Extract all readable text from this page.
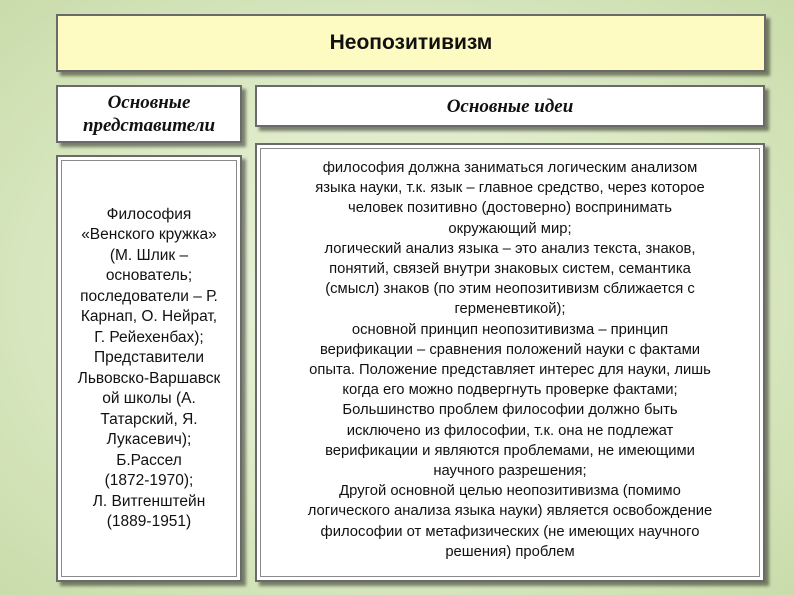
Неопозитивизм
Основные
представители
Основные идеи
Философия
«Венского кружка»
(М. Шлик –
основатель;
последователи – Р.
Карнап, О. Нейрат,
Г. Рейехенбах);
Представители
Львовско-Варшавск
ой школы (А.
Татарский, Я.
Лукасевич);
Б.Рассел
(1872-1970);
Л. Витгенштейн
(1889-1951)
философия должна заниматься логическим анализом
языка науки, т.к. язык – главное средство, через которое
человек позитивно (достоверно) воспринимать
окружающий мир;
логический анализ языка – это анализ текста, знаков,
понятий, связей внутри знаковых систем, семантика
(смысл) знаков (по этим неопозитивизм сближается с
герменевтикой);
основной принцип неопозитивизма – принцип
верификации – сравнения положений науки с фактами
опыта. Положение представляет интерес для науки, лишь
когда его можно подвергнуть проверке фактами;
Большинство проблем философии должно быть
исключено из философии, т.к. она не подлежат
верификации и являются проблемами, не имеющими
научного разрешения;
Другой основной целью неопозитивизма (помимо
логического анализа языка науки) является освобождение
философии от метафизических (не имеющих научного
решения) проблем
